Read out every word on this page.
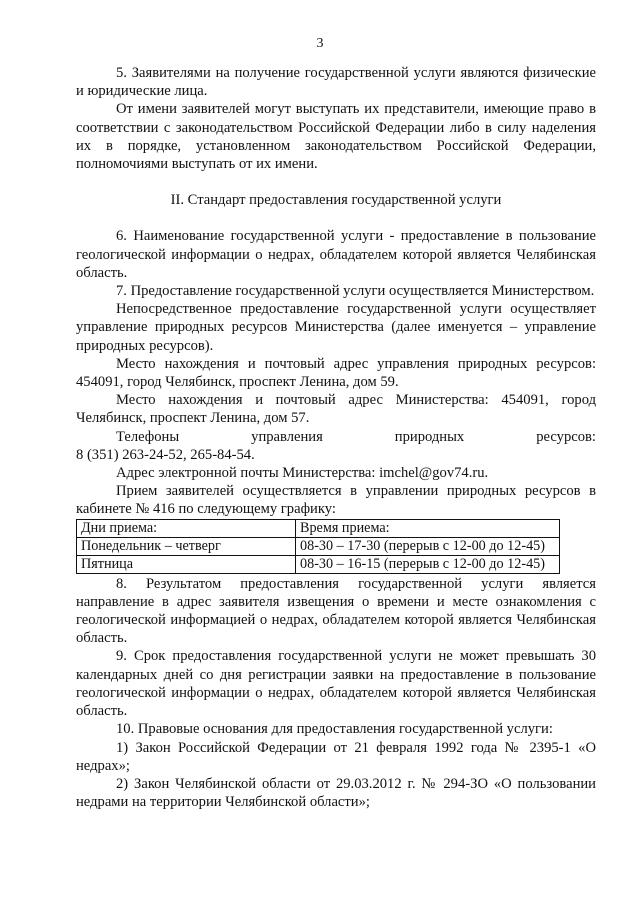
3

5. Заявителями на получение государственной услуги являются физические и юридические лица.

От имени заявителей могут выступать их представители, имеющие право в соответствии с законодательством Российской Федерации либо в силу наделения их в порядке, установленном законодательством Российской Федерации, полномочиями выступать от их имени.

II. Стандарт предоставления государственной услуги

6. Наименование государственной услуги - предоставление в пользование геологической информации о недрах, обладателем которой является Челябинская область.

7. Предоставление государственной услуги осуществляется Министерством.

Непосредственное предоставление государственной услуги осуществляет управление природных ресурсов Министерства (далее именуется – управление природных ресурсов).

Место нахождения и почтовый адрес управления природных ресурсов: 454091, город Челябинск, проспект Ленина, дом 59.

Место нахождения и почтовый адрес Министерства: 454091, город Челябинск, проспект Ленина, дом 57.

Телефоны	управления	природных	ресурсов:

8 (351) 263-24-52, 265-84-54.

Адрес электронной почты Министерства: imchel@gov74.ru.

Прием заявителей осуществляется в управлении природных ресурсов в кабинете № 416 по следующему графику:

Дни приема:	Время приема:
Понедельник – четверг	08-30 – 17-30 (перерыв с 12-00 до 12-45)
Пятница	08-30 – 16-15 (перерыв с 12-00 до 12-45)

8. Результатом предоставления государственной услуги является направление в адрес заявителя извещения о времени и месте ознакомления с геологической информацией о недрах, обладателем которой является Челябинская область.

9. Срок предоставления государственной услуги не может превышать 30 календарных дней со дня регистрации заявки на предоставление в пользование геологической информации о недрах, обладателем которой является Челябинская область.

10. Правовые основания для предоставления государственной услуги:

1) Закон Российской Федерации от 21 февраля 1992 года № 2395-1 «О недрах»;

2) Закон Челябинской области от 29.03.2012 г. № 294-ЗО «О пользовании недрами на территории Челябинской области»;
